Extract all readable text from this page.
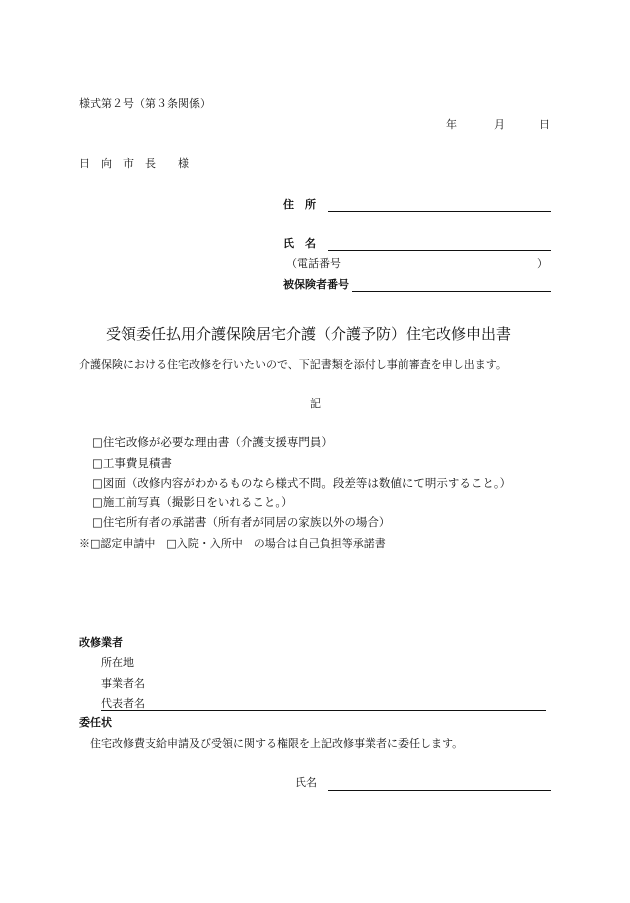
様式第２号（第３条関係）
年	月	日
日　向　市　長　　様
住　所
氏　名
（電話番号	）
被保険者番号
受領委任払用介護保険居宅介護（介護予防）住宅改修申出書
介護保険における住宅改修を行いたいので、下記書類を添付し事前審査を申し出ます。
記
□住宅改修が必要な理由書（介護支援専門員）
□工事費見積書
□図面（改修内容がわかるものなら様式不問。段差等は数値にて明示すること。）
□施工前写真（撮影日をいれること。）
□住宅所有者の承諾書（所有者が同居の家族以外の場合）
※□認定申請中　□入院・入所中　の場合は自己負担等承諾書
改修業者
所在地
事業者名
代表者名
委任状
住宅改修費支給申請及び受領に関する権限を上記改修事業者に委任します。
氏名
